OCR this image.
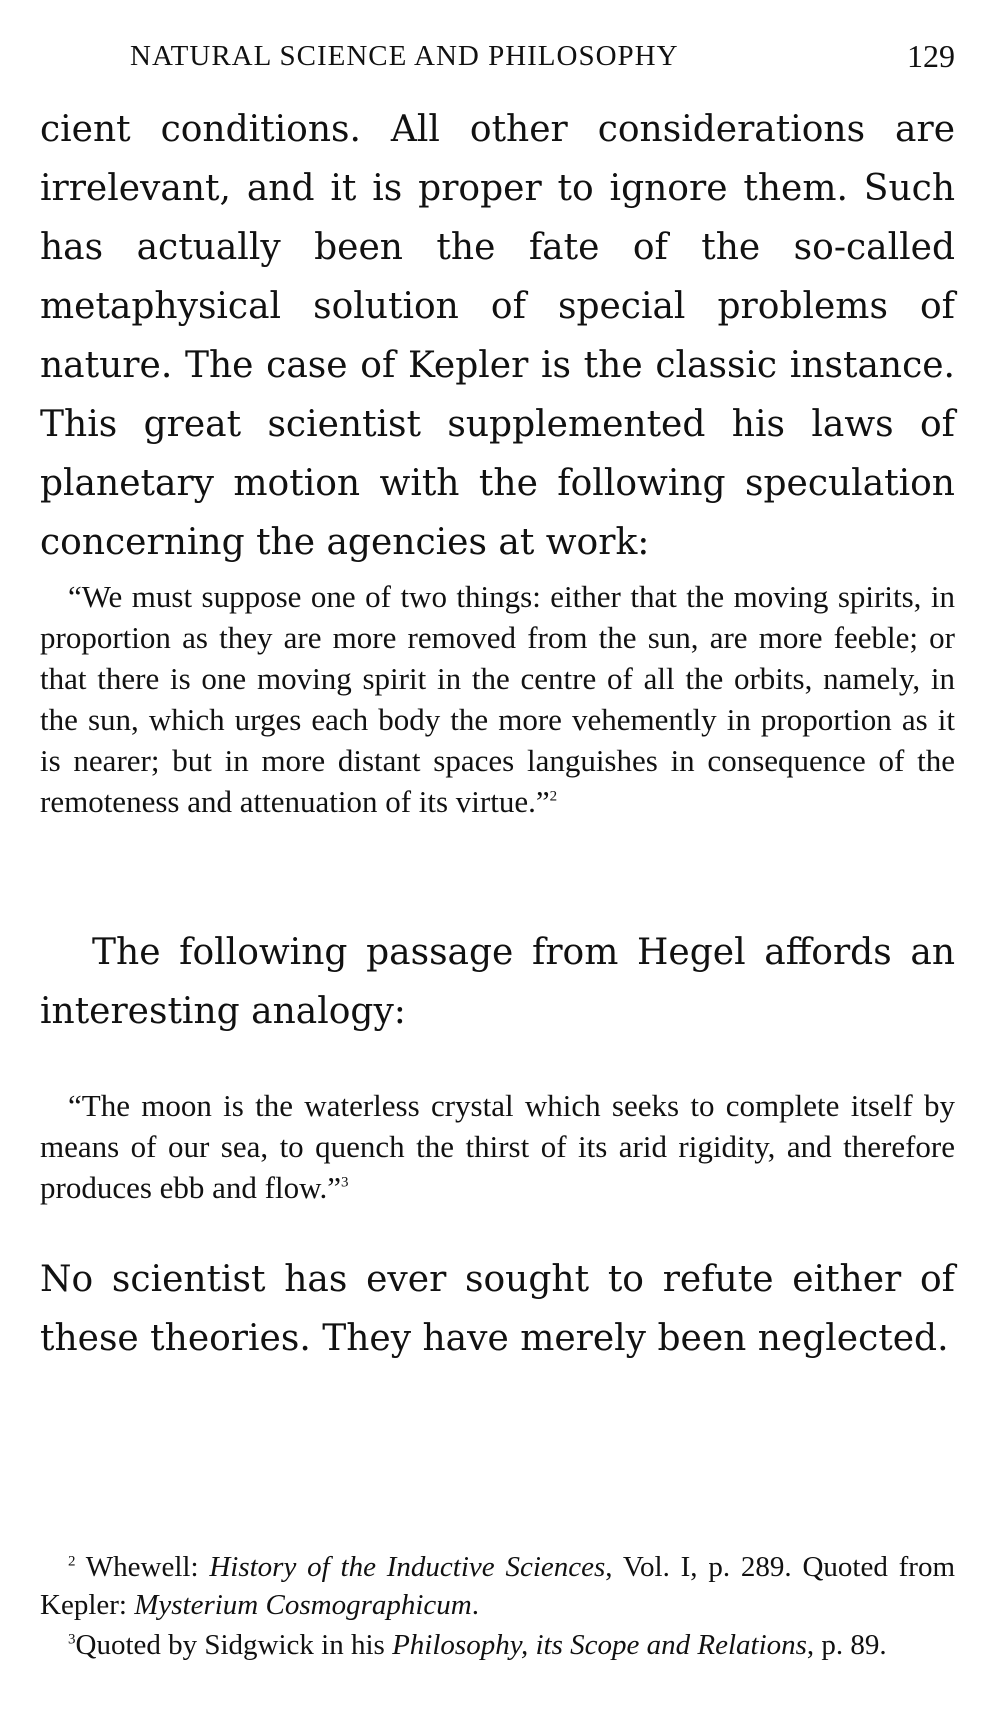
NATURAL SCIENCE AND PHILOSOPHY	129

cient conditions. All other considerations are irrelevant, and it is proper to ignore them. Such has actually been the fate of the so-called metaphysical solution of special problems of nature. The case of Kepler is the classic instance. This great scientist supplemented his laws of planetary motion with the following speculation concerning the agencies at work:

“We must suppose one of two things: either that the moving spirits, in proportion as they are more removed from the sun, are more feeble; or that there is one moving spirit in the centre of all the orbits, namely, in the sun, which urges each body the more vehemently in proportion as it is nearer; but in more distant spaces languishes in consequence of the remoteness and attenuation of its virtue.”$^2$

The following passage from Hegel affords an interesting analogy:

“The moon is the waterless crystal which seeks to complete itself by means of our sea, to quench the thirst of its arid rigidity, and therefore produces ebb and flow.”$^3$

No scientist has ever sought to refute either of these theories. They have merely been neglected.

$^2$ Whewell: History of the Inductive Sciences, Vol. I, p. 289. Quoted from Kepler: Mysterium Cosmographicum.

$^3$Quoted by Sidgwick in his Philosophy, its Scope and Relations, p. 89.
